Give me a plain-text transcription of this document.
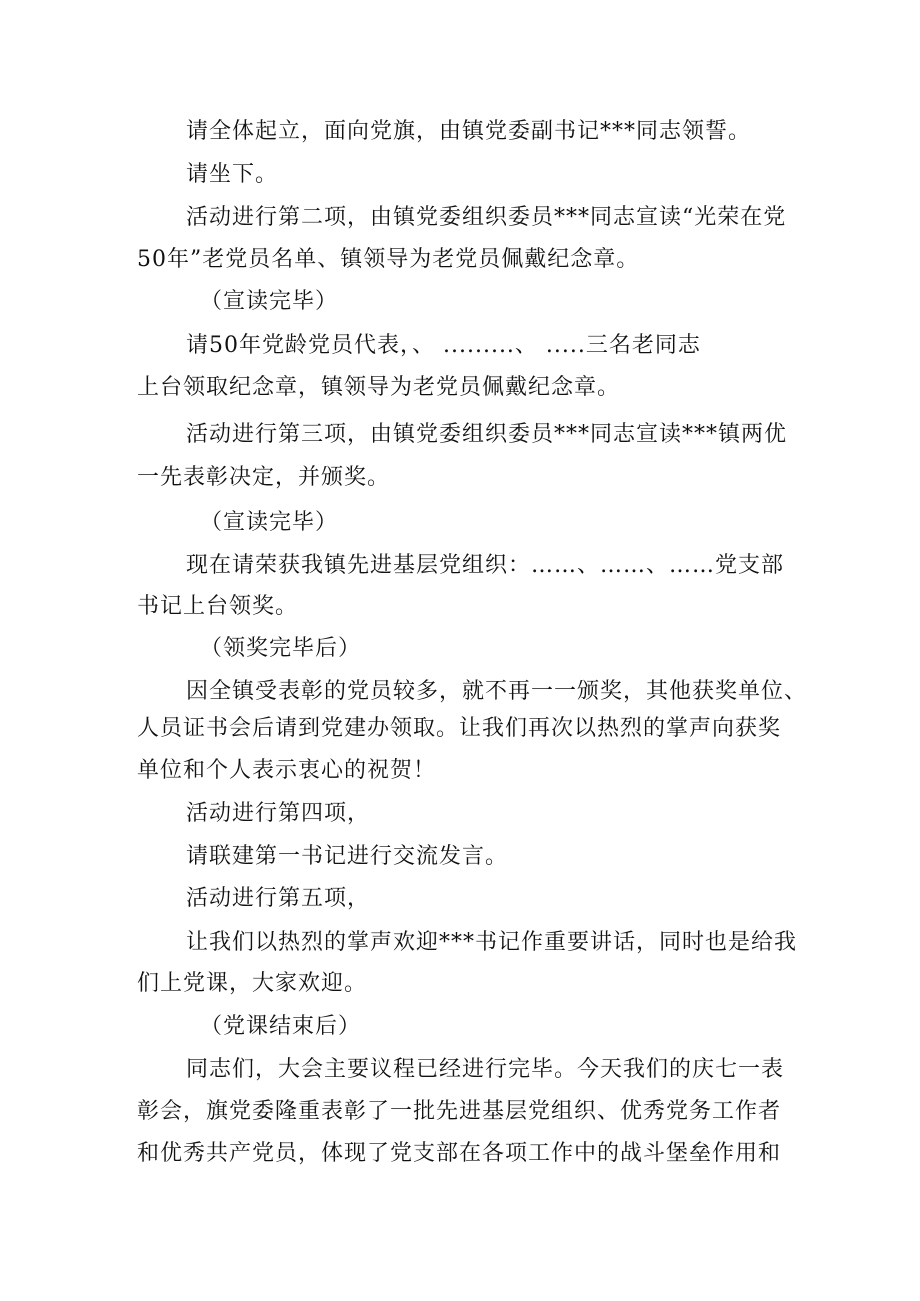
请全体起立，面向党旗，由镇党委副书记***同志领誓。
请坐下。
活动进行第二项，由镇党委组织委员***同志宣读“光荣在党
50年”老党员名单、镇领导为老党员佩戴纪念章。
（宣读完毕）
请50年党龄党员代表，、 .........、 .....三名老同志
上台领取纪念章，镇领导为老党员佩戴纪念章。
活动进行第三项，由镇党委组织委员***同志宣读***镇两优
一先表彰决定，并颁奖。
（宣读完毕）
现在请荣获我镇先进基层党组织：……、……、……党支部
书记上台领奖。
（领奖完毕后）
因全镇受表彰的党员较多，就不再一一颁奖，其他获奖单位、
人员证书会后请到党建办领取。让我们再次以热烈的掌声向获奖
单位和个人表示衷心的祝贺！
活动进行第四项，
请联建第一书记进行交流发言。
活动进行第五项，
让我们以热烈的掌声欢迎***书记作重要讲话，同时也是给我
们上党课，大家欢迎。
（党课结束后）
同志们，大会主要议程已经进行完毕。今天我们的庆七一表
彰会，旗党委隆重表彰了一批先进基层党组织、优秀党务工作者
和优秀共产党员，体现了党支部在各项工作中的战斗堡垒作用和
